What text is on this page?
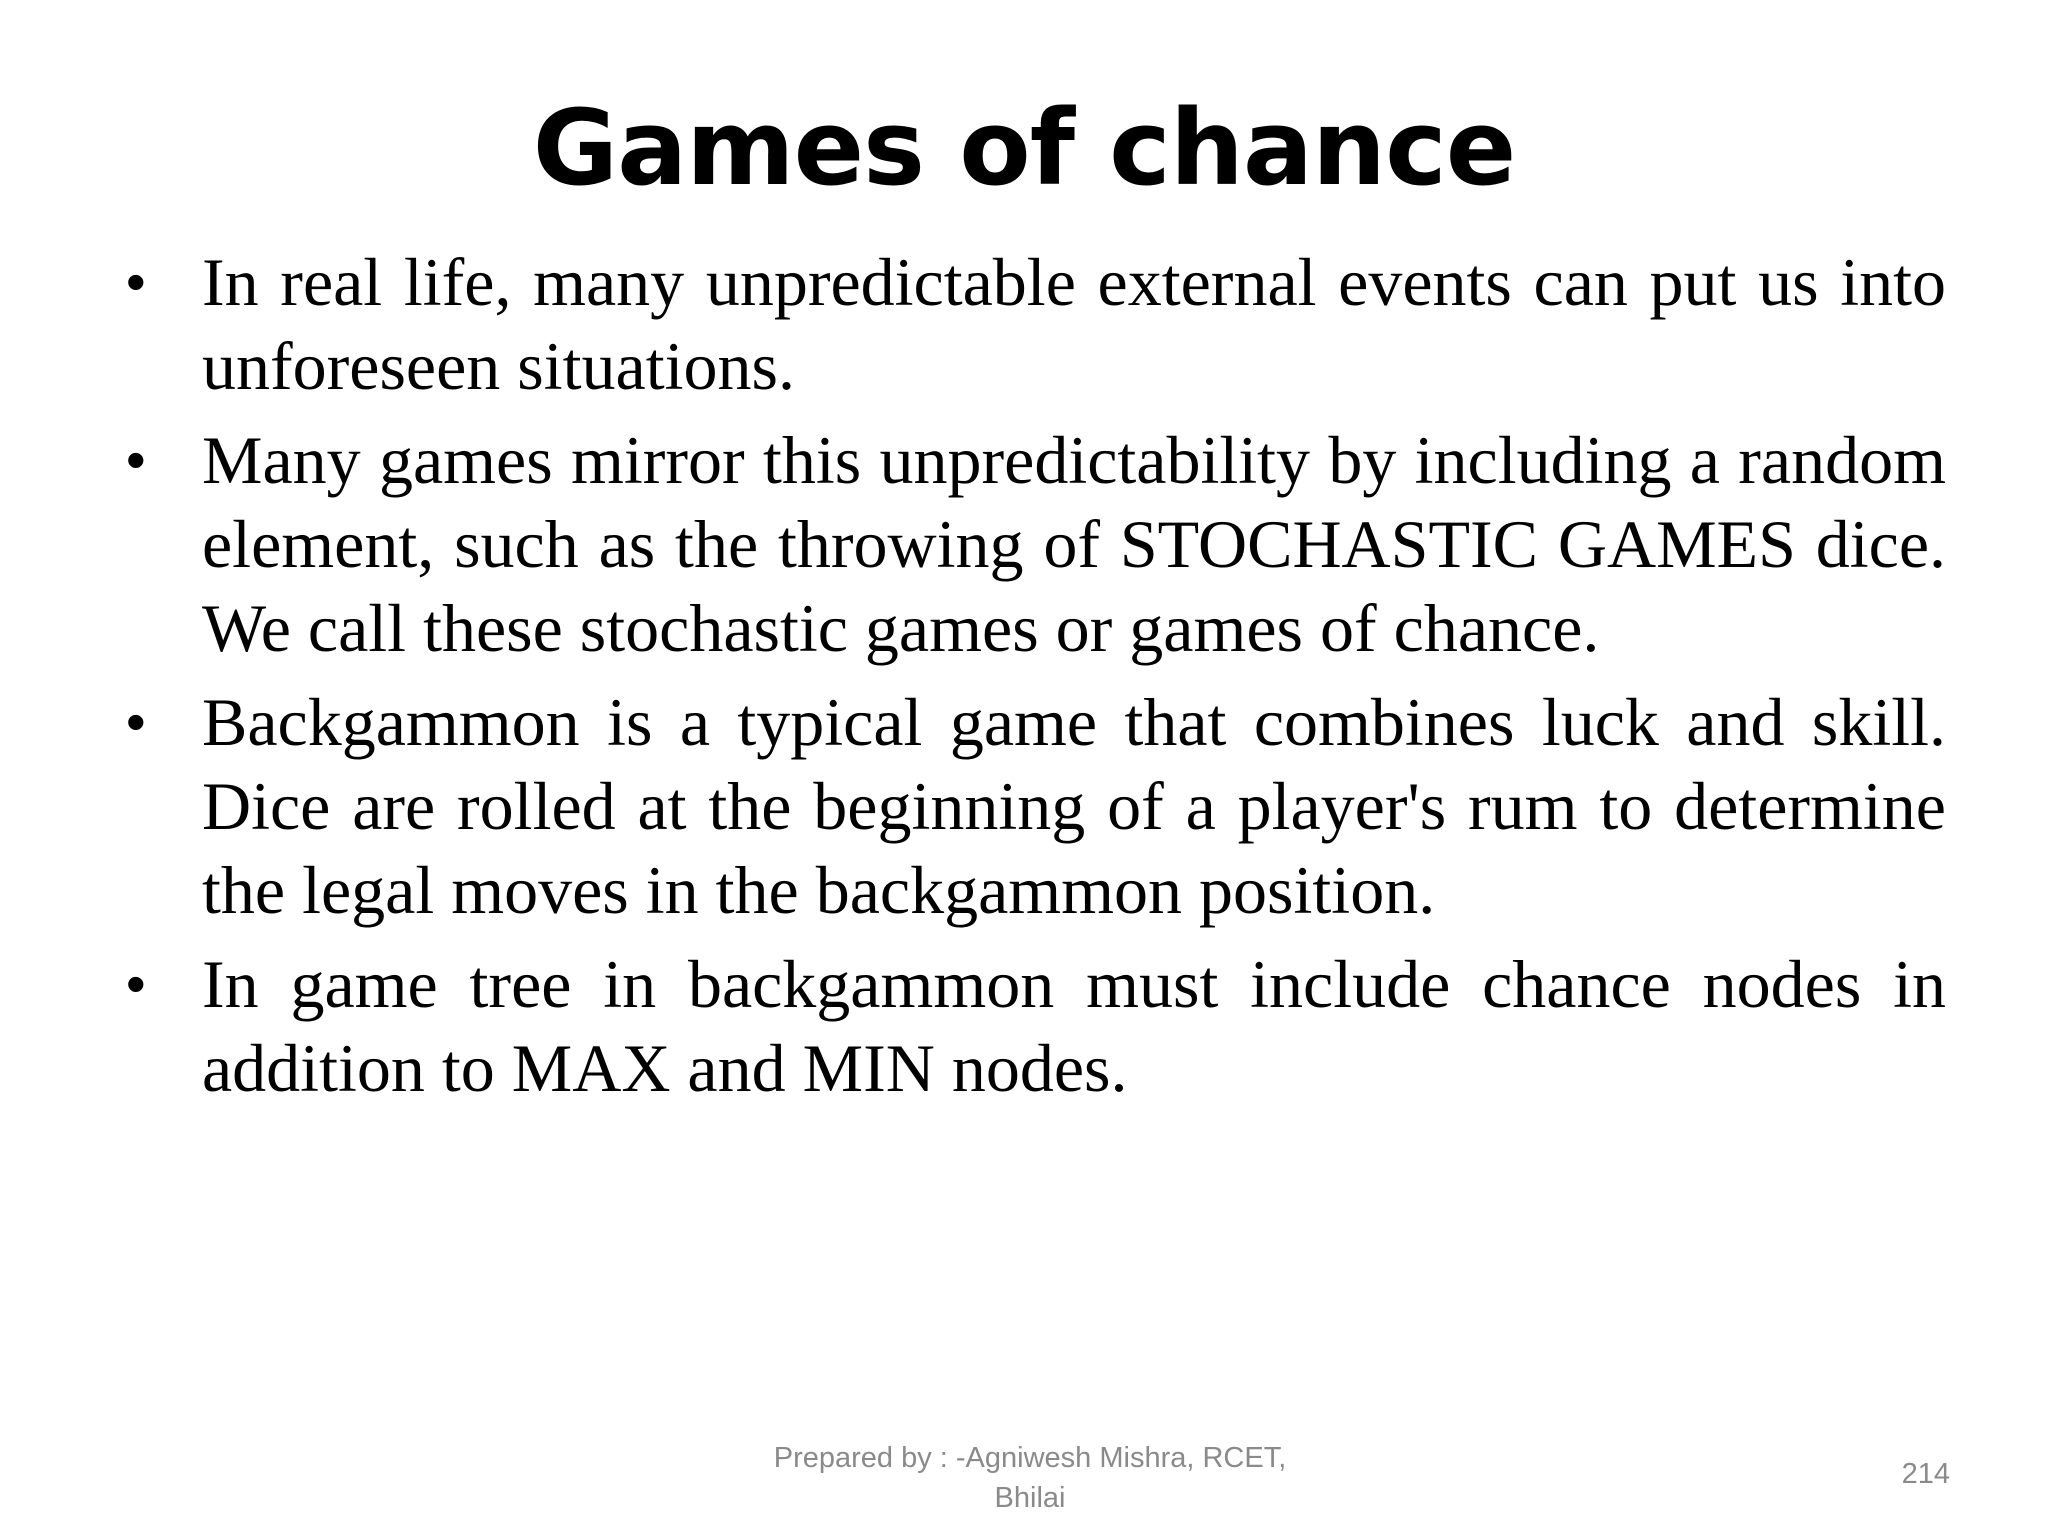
Games of chance
• In real life, many unpredictable external events can put us into unforeseen situations.
• Many games mirror this unpredictability by including a random element, such as the throwing of STOCHASTIC GAMES dice. We call these stochastic games or games of chance.
• Backgammon is a typical game that combines luck and skill. Dice are rolled at the beginning of a player's rum to determine the legal moves in the backgammon position.
• In game tree in backgammon must include chance nodes in addition to MAX and MIN nodes.
Prepared by : -Agniwesh Mishra, RCET,
Bhilai
214
